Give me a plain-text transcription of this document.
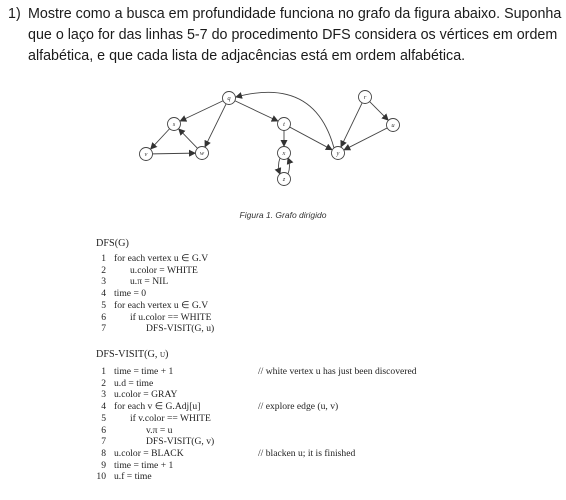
1) Mostre como a busca em profundidade funciona no grafo da figura abaixo. Suponha
que o laço for das linhas 5-7 do procedimento DFS considera os vértices em ordem
alfabética, e que cada lista de adjacências está em ordem alfabética.
q	r
s	t	u
v	w	x	y
z
Figura 1. Grafo dirigido
DFS(G)
1 for each vertex u ∈ G.V
2	u.color = WHITE
3	u.π = NIL
4 time = 0
5 for each vertex u ∈ G.V
6	if u.color == WHITE
7	DFS-VISIT(G, u)
DFS-VISIT(G, u)
1 time = time + 1	// white vertex u has just been discovered
2 u.d = time
3 u.color = GRAY
4 for each v ∈ G.Adj[u]	// explore edge (u, v)
5	if v.color == WHITE
6	v.π = u
7	DFS-VISIT(G, v)
8 u.color = BLACK	// blacken u; it is finished
9 time = time + 1
10 u.f = time
